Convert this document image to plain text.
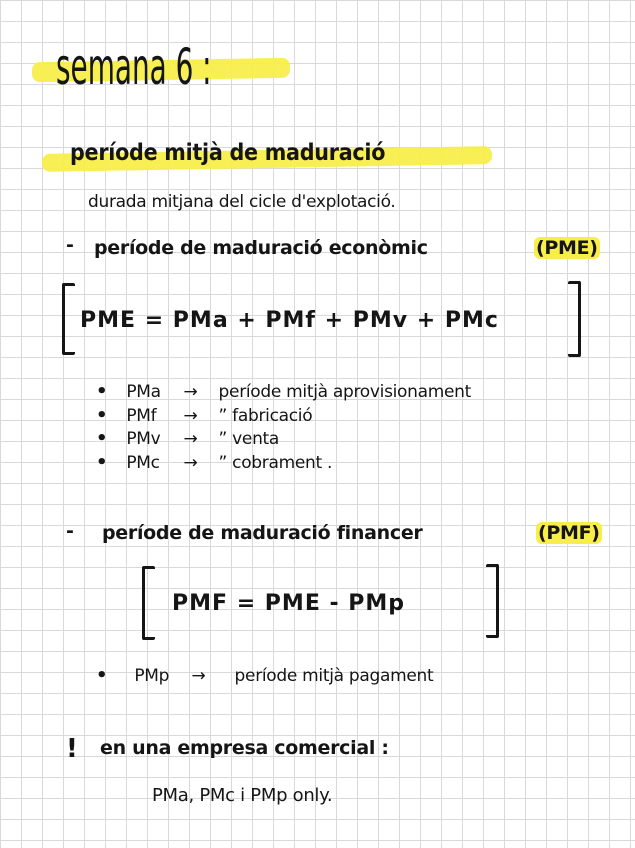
semana 6 :
període mitjà de maduració
durada mitjana del cicle d'explotació.
- període de maduració econòmic	(PME)
PME = PMa + PMf + PMv + PMc
• PMa → període mitjà aprovisionament
• PMf → ” fabricació
• PMv → ” venta
• PMc → ” cobrament .
- període de maduració financer	(PMF)
PMF = PME - PMp
• PMp → període mitjà pagament
! en una empresa comercial :
PMa, PMc i PMp only.
